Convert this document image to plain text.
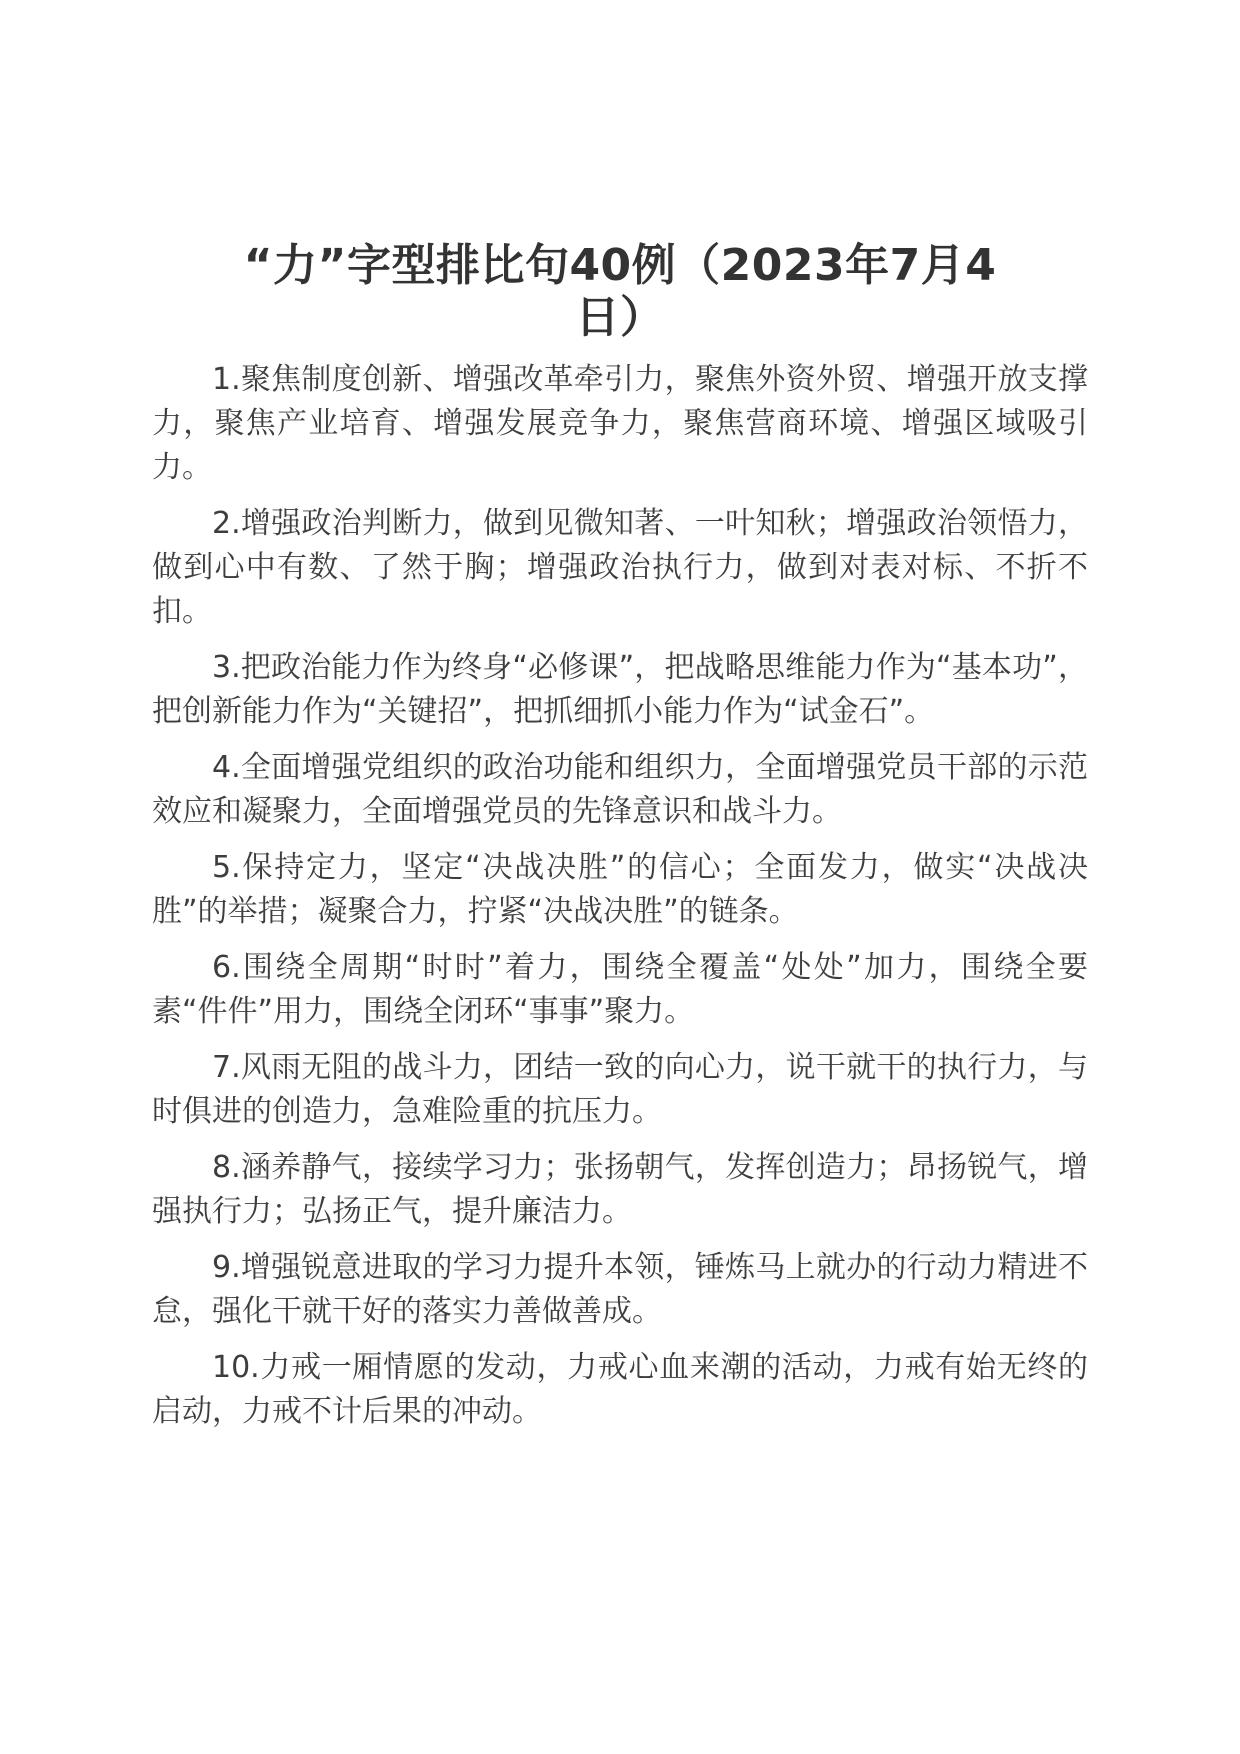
“力”字型排比句40例（2023年7月4
日）

1.聚焦制度创新、增强改革牵引力，聚焦外资外贸、增强开放支撑力，聚焦产业培育、增强发展竞争力，聚焦营商环境、增强区域吸引力。

2.增强政治判断力，做到见微知著、一叶知秋；增强政治领悟力，做到心中有数、了然于胸；增强政治执行力，做到对表对标、不折不扣。

3.把政治能力作为终身“必修课”，把战略思维能力作为“基本功”，把创新能力作为“关键招”，把抓细抓小能力作为“试金石”。

4.全面增强党组织的政治功能和组织力，全面增强党员干部的示范效应和凝聚力，全面增强党员的先锋意识和战斗力。

5.保持定力，坚定“决战决胜”的信心；全面发力，做实“决战决胜”的举措；凝聚合力，拧紧“决战决胜”的链条。

6.围绕全周期“时时”着力，围绕全覆盖“处处”加力，围绕全要素“件件”用力，围绕全闭环“事事”聚力。

7.风雨无阻的战斗力，团结一致的向心力，说干就干的执行力，与时俱进的创造力，急难险重的抗压力。

8.涵养静气，接续学习力；张扬朝气，发挥创造力；昂扬锐气，增强执行力；弘扬正气，提升廉洁力。

9.增强锐意进取的学习力提升本领，锤炼马上就办的行动力精进不怠，强化干就干好的落实力善做善成。

10.力戒一厢情愿的发动，力戒心血来潮的活动，力戒有始无终的启动，力戒不计后果的冲动。
